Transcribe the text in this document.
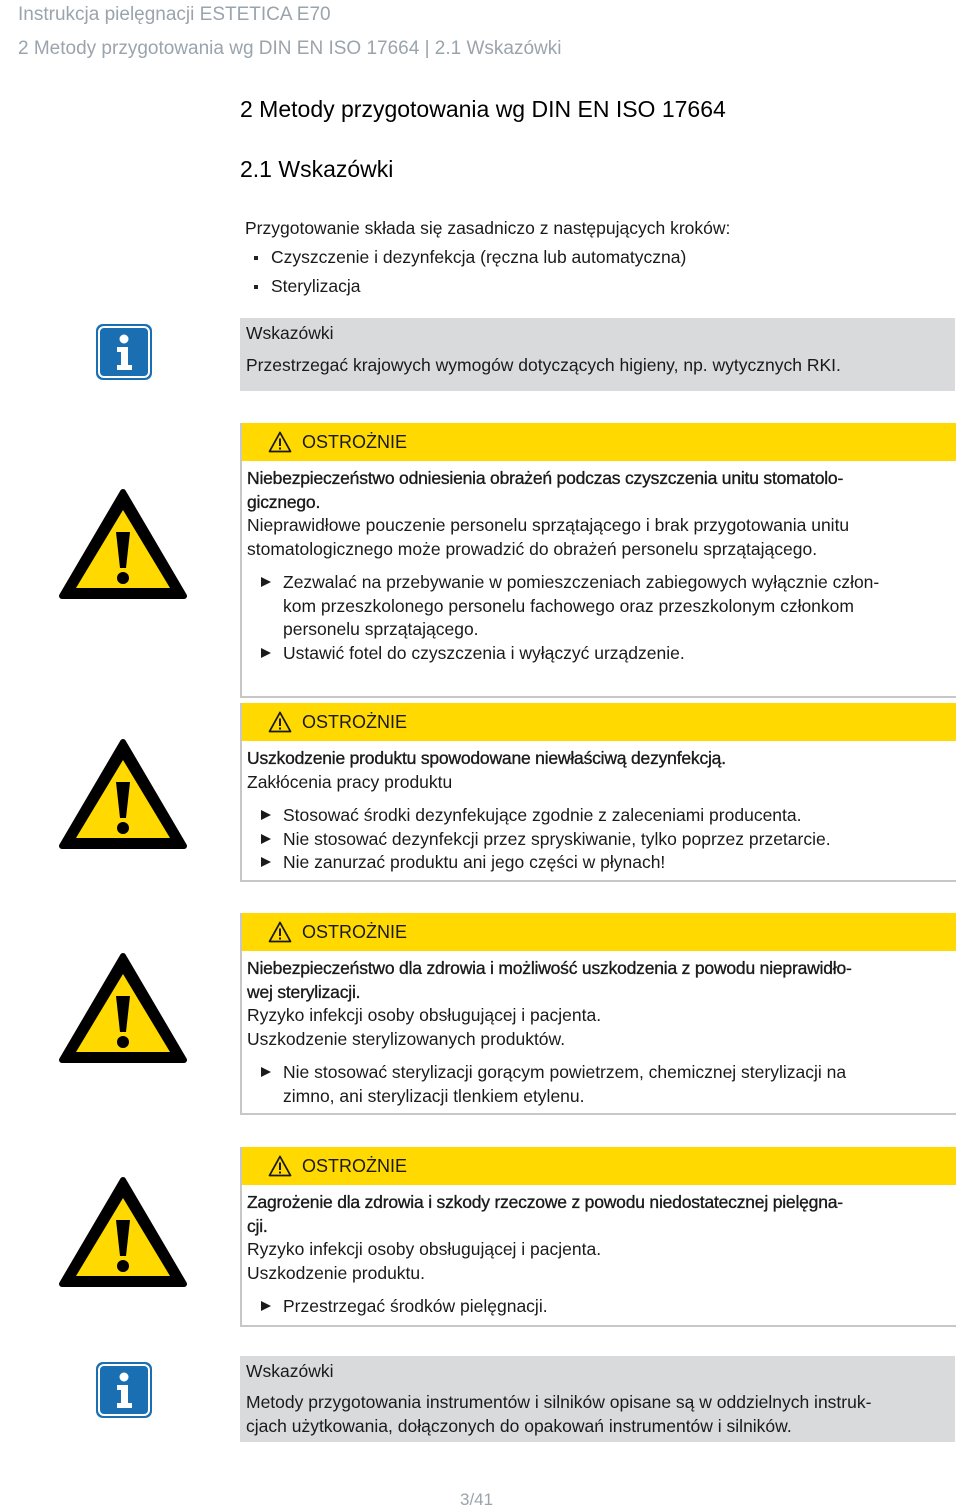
Instrukcja pielęgnacji ESTETICA E70
2 Metody przygotowania wg DIN EN ISO 17664 | 2.1 Wskazówki
2 Metody przygotowania wg DIN EN ISO 17664
2.1 Wskazówki
Przygotowanie składa się zasadniczo z następujących kroków:
Czyszczenie i dezynfekcja (ręczna lub automatyczna)
Sterylizacja
Wskazówki
Przestrzegać krajowych wymogów dotyczących higieny, np. wytycznych RKI.
OSTROŻNIE
Niebezpieczeństwo odniesienia obrażeń podczas czyszczenia unitu stomatolo-
gicznego.
Nieprawidłowe pouczenie personelu sprzątającego i brak przygotowania unitu
stomatologicznego może prowadzić do obrażeń personelu sprzątającego.
Zezwalać na przebywanie w pomieszczeniach zabiegowych wyłącznie człon-
kom przeszkolonego personelu fachowego oraz przeszkolonym członkom
personelu sprzątającego.
Ustawić fotel do czyszczenia i wyłączyć urządzenie.
OSTROŻNIE
Uszkodzenie produktu spowodowane niewłaściwą dezynfekcją.
Zakłócenia pracy produktu
Stosować środki dezynfekujące zgodnie z zaleceniami producenta.
Nie stosować dezynfekcji przez spryskiwanie, tylko poprzez przetarcie.
Nie zanurzać produktu ani jego części w płynach!
OSTROŻNIE
Niebezpieczeństwo dla zdrowia i możliwość uszkodzenia z powodu nieprawidło-
wej sterylizacji.
Ryzyko infekcji osoby obsługującej i pacjenta.
Uszkodzenie sterylizowanych produktów.
Nie stosować sterylizacji gorącym powietrzem, chemicznej sterylizacji na
zimno, ani sterylizacji tlenkiem etylenu.
OSTROŻNIE
Zagrożenie dla zdrowia i szkody rzeczowe z powodu niedostatecznej pielęgna-
cji.
Ryzyko infekcji osoby obsługującej i pacjenta.
Uszkodzenie produktu.
Przestrzegać środków pielęgnacji.
Wskazówki
Metody przygotowania instrumentów i silników opisane są w oddzielnych instruk-
cjach użytkowania, dołączonych do opakowań instrumentów i silników.
3/41
